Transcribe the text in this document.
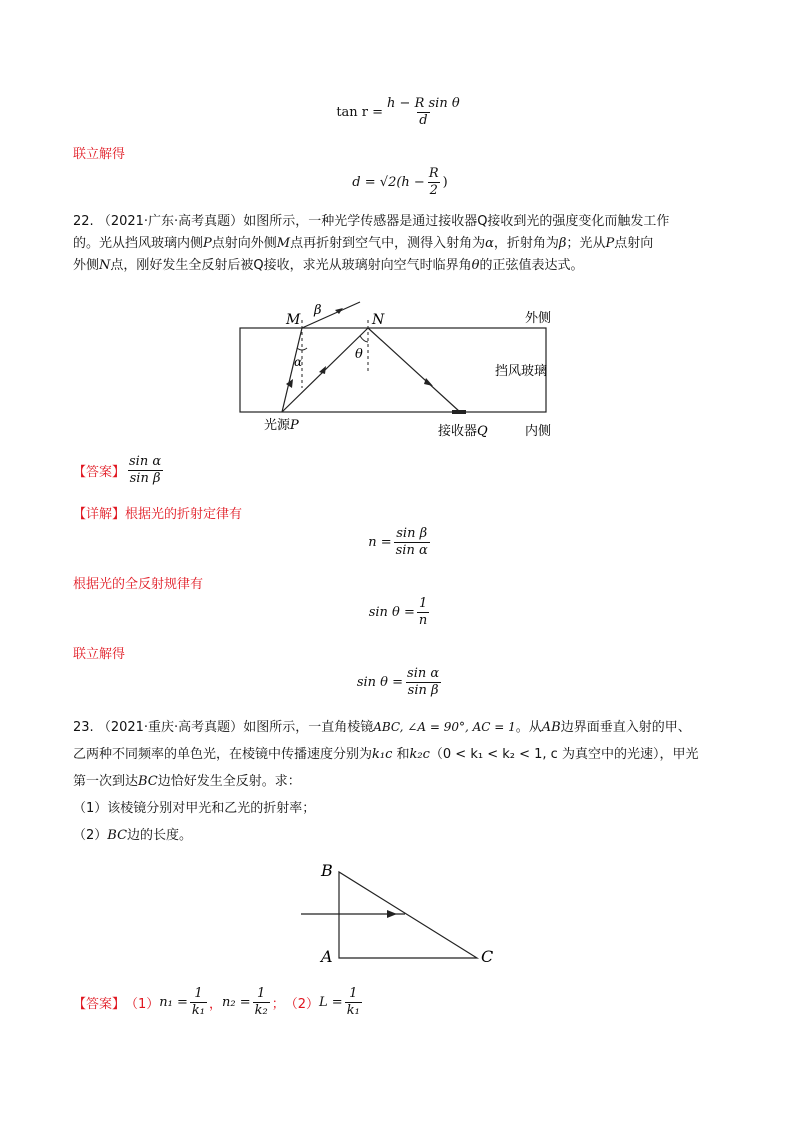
$\tan r = \frac{\text{h − R sin θ}}{d}$
联立解得
d =
$√2(h - \frac{R}{2}$ )
22. （2021·广东·高考真题）如图所示，一种光学传感器是通过接收器Q接收到光的强度变化而触发工作
的。光从挡风玻璃内侧P点射向外侧M点再折射到空气中，测得入射角为α，折射角为β；光从P点射向
外侧N点，刚好发生全反射后被Q接收，求光从玻璃射向空气时临界角θ的正弦值表达式。
M
β
N	外侧
α	θ
挡风玻璃
光源P	接收器Q	内侧
【答案】 $\frac{\text{sin α}}{\text{sin β}}$
【详解】根据光的折射定律有
$n = \frac{\text{sin β}}{\text{sin α}}$
根据光的全反射规律有
$\sin \theta = \frac{1}{n}$
联立解得
$\sin \theta = \frac{\text{sin α}}{\text{sin β}}$
23. （2021·重庆·高考真题）如图所示，一直角棱镜ABC, ∠A = 90°, AC = 1。从AB边界面垂直入射的甲、
乙两种不同频率的单色光，在棱镜中传播速度分别为k₁c 和k₂c（0 < k₁ < k₂ < 1, c 为真空中的光速），甲光
第一次到达BC边恰好发生全反射。求：
（1）该棱镜分别对甲光和乙光的折射率；
（2）BC边的长度。
B
A	C
【答案】 （1） $n_1 = \frac{1}{\text{k₁}}$ ， $n_2 = \frac{1}{\text{k₂}}$ ； （2） $L = \frac{1}{\text{k₁}}$
